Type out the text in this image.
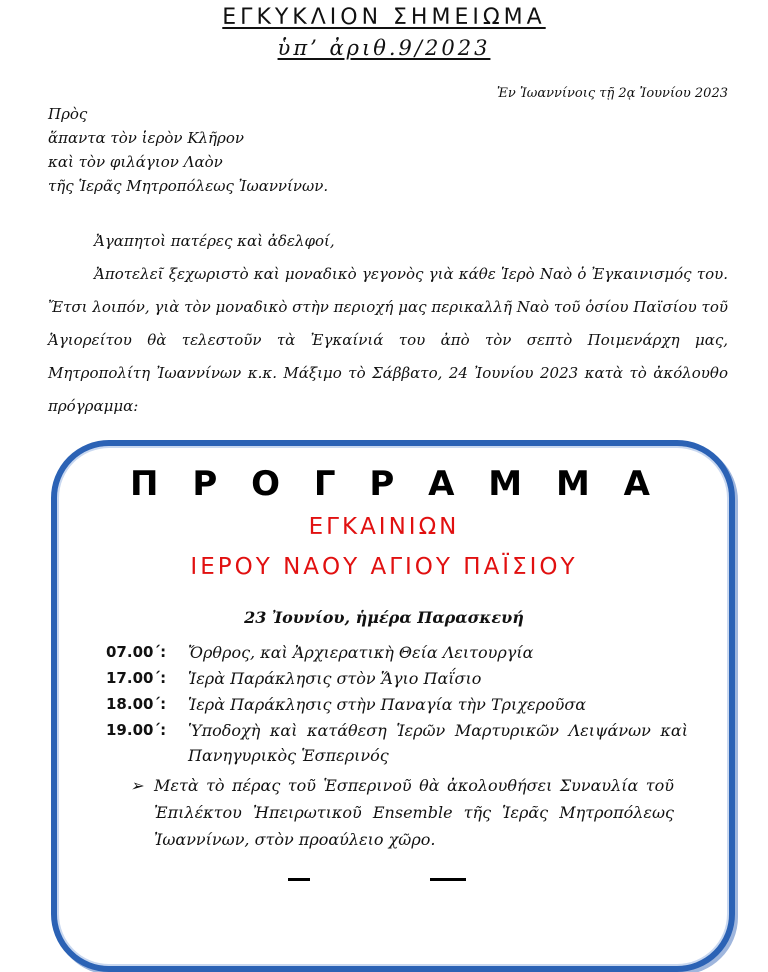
ΕΓΚΥΚΛΙΟΝ ΣΗΜΕΙΩΜΑ
ὑπ’ ἀριθ.9/2023
Ἐν Ἰωαννίνοις τῇ 2ᾳ Ἰουνίου 2023
Πρὸς
ἅπαντα τὸν ἱερὸν Κλῆρον
καὶ τὸν φιλάγιον Λαὸν
τῆς Ἱερᾶς Μητροπόλεως Ἰωαννίνων.
Ἀγαπητοὶ πατέρες καὶ ἀδελφοί,
Ἀποτελεῖ ξεχωριστὸ καὶ μοναδικὸ γεγονὸς γιὰ κάθε Ἱερὸ Ναὸ ὁ Ἐγκαινισμός του. Ἔτσι λοιπόν, γιὰ τὸν μοναδικὸ στὴν περιοχή μας περικαλλῆ Ναὸ τοῦ ὁσίου Παϊσίου τοῦ Ἁγιορείτου θὰ τελεστοῦν τὰ Ἐγκαίνιά του ἀπὸ τὸν σεπτὸ Ποιμενάρχη μας, Μητροπολίτη Ἰωαννίνων κ.κ. Μάξιμο τὸ Σάββατο, 24 Ἰουνίου 2023 κατὰ τὸ ἀκόλουθο πρόγραμμα:
Π Ρ Ο Γ Ρ Α Μ Μ Α
ΕΓΚΑΙΝΙΩΝ
ΙΕΡΟΥ ΝΑΟΥ ΑΓΙΟΥ ΠΑΪΣΙΟΥ
23 Ἰουνίου, ἡμέρα Παρασκευή
07.00΄: Ὄρθρος, καὶ Ἀρχιερατικὴ Θεία Λειτουργία
17.00΄: Ἱερὰ Παράκλησις στὸν Ἅγιο Παΐσιο
18.00΄: Ἱερὰ Παράκλησις στὴν Παναγία τὴν Τριχεροῦσα
19.00΄: Ὑποδοχὴ καὶ κατάθεση Ἱερῶν Μαρτυρικῶν Λειψάνων καὶ Πανηγυρικὸς Ἑσπερινός
➢ Μετὰ τὸ πέρας τοῦ Ἑσπερινοῦ θὰ ἀκολουθήσει Συναυλία τοῦ Ἐπιλέκτου Ἠπειρωτικοῦ Ensemble τῆς Ἱερᾶς Μητροπόλεως Ἰωαννίνων, στὸν προαύλειο χῶρο.
